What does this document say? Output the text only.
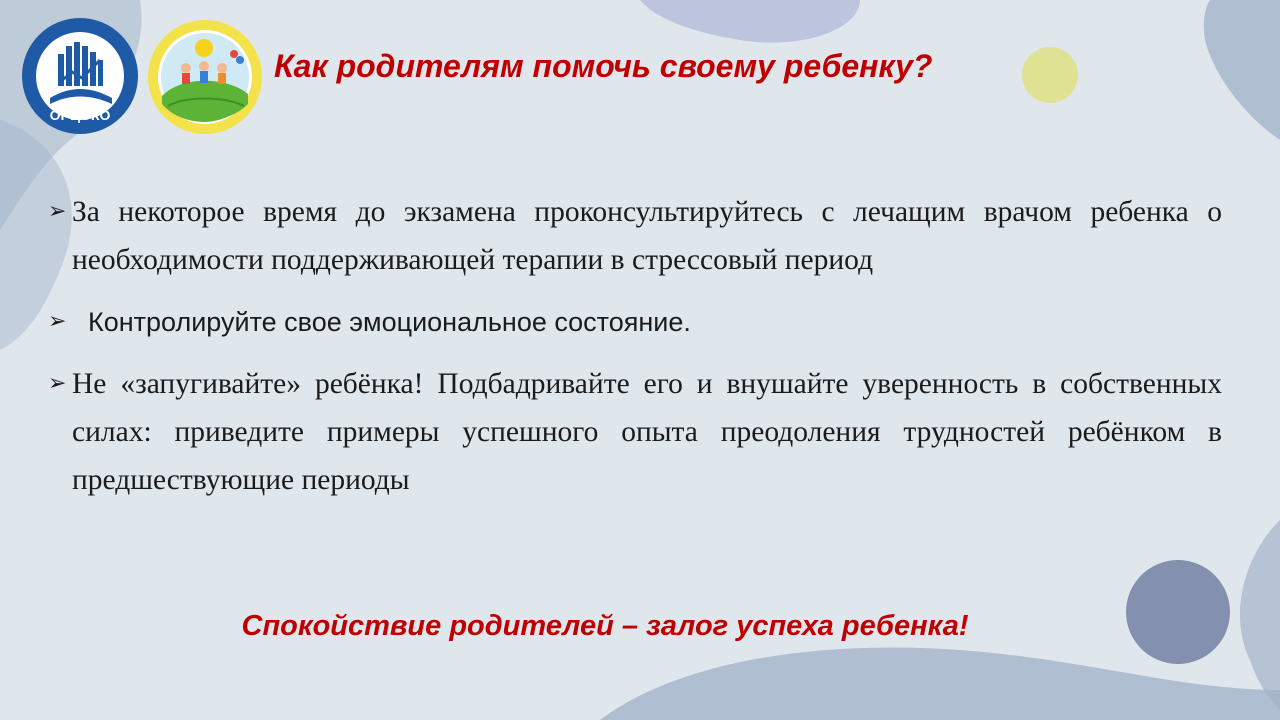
ОРЦОКО
Как родителям помочь своему ребенку?
➢ За некоторое время до экзамена проконсультируйтесь с лечащим врачом ребенка о необходимости поддерживающей терапии в стрессовый период
➢ Контролируйте свое эмоциональное состояние.
➢ Не «запугивайте» ребёнка! Подбадривайте его и внушайте уверенность в собственных силах: приведите примеры успешного опыта преодоления трудностей ребёнком в предшествующие периоды

Спокойствие родителей – залог успеха ребенка!
